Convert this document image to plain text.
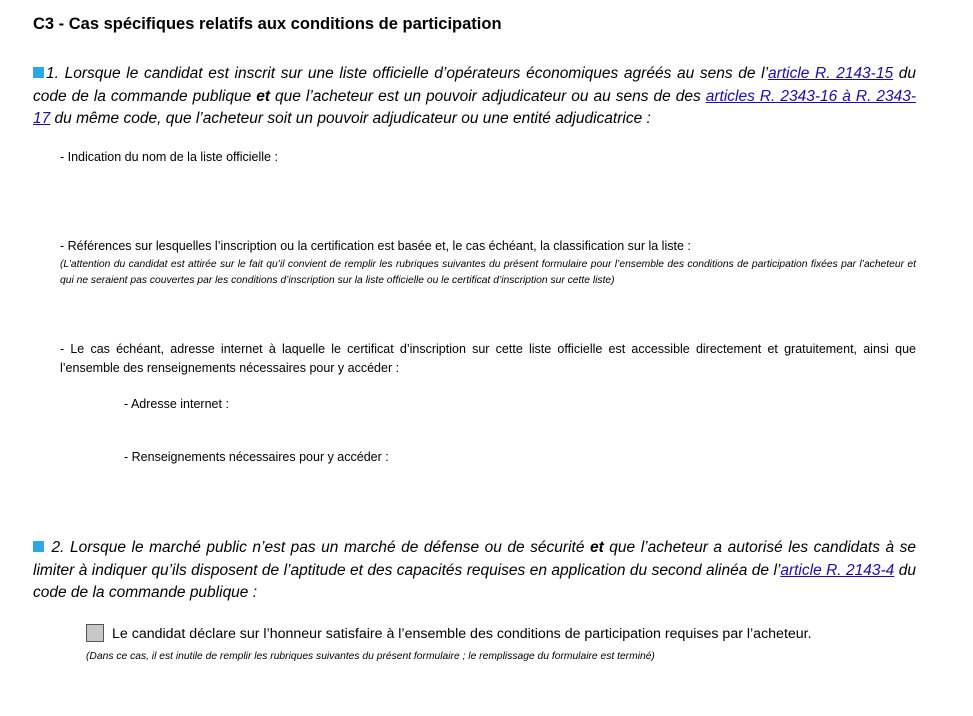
C3 - Cas spécifiques relatifs aux conditions de participation
1. Lorsque le candidat est inscrit sur une liste officielle d’opérateurs économiques agréés au sens de l’article R. 2143-15 du code de la commande publique et que l’acheteur est un pouvoir adjudicateur ou au sens de des articles R. 2343-16 à R. 2343-17 du même code, que l’acheteur soit un pouvoir adjudicateur ou une entité adjudicatrice :
- Indication du nom de la liste officielle :
- Références sur lesquelles l’inscription ou la certification est basée et, le cas échéant, la classification sur la liste :
(L’attention du candidat est attirée sur le fait qu’il convient de remplir les rubriques suivantes du présent formulaire pour l’ensemble des conditions de participation fixées par l’acheteur et qui ne seraient pas couvertes par les conditions d’inscription sur la liste officielle ou le certificat d’inscription sur cette liste)
- Le cas échéant, adresse internet à laquelle le certificat d’inscription sur cette liste officielle est accessible directement et gratuitement, ainsi que l’ensemble des renseignements nécessaires pour y accéder :
- Adresse internet :
- Renseignements nécessaires pour y accéder :
2. Lorsque le marché public n’est pas un marché de défense ou de sécurité et que l’acheteur a autorisé les candidats à se limiter à indiquer qu’ils disposent de l’aptitude et des capacités requises en application du second alinéa de l’article R. 2143-4 du code de la commande publique :
Le candidat déclare sur l’honneur satisfaire à l’ensemble des conditions de participation requises par l’acheteur.
(Dans ce cas, il est inutile de remplir les rubriques suivantes du présent formulaire ; le remplissage du formulaire est terminé)
